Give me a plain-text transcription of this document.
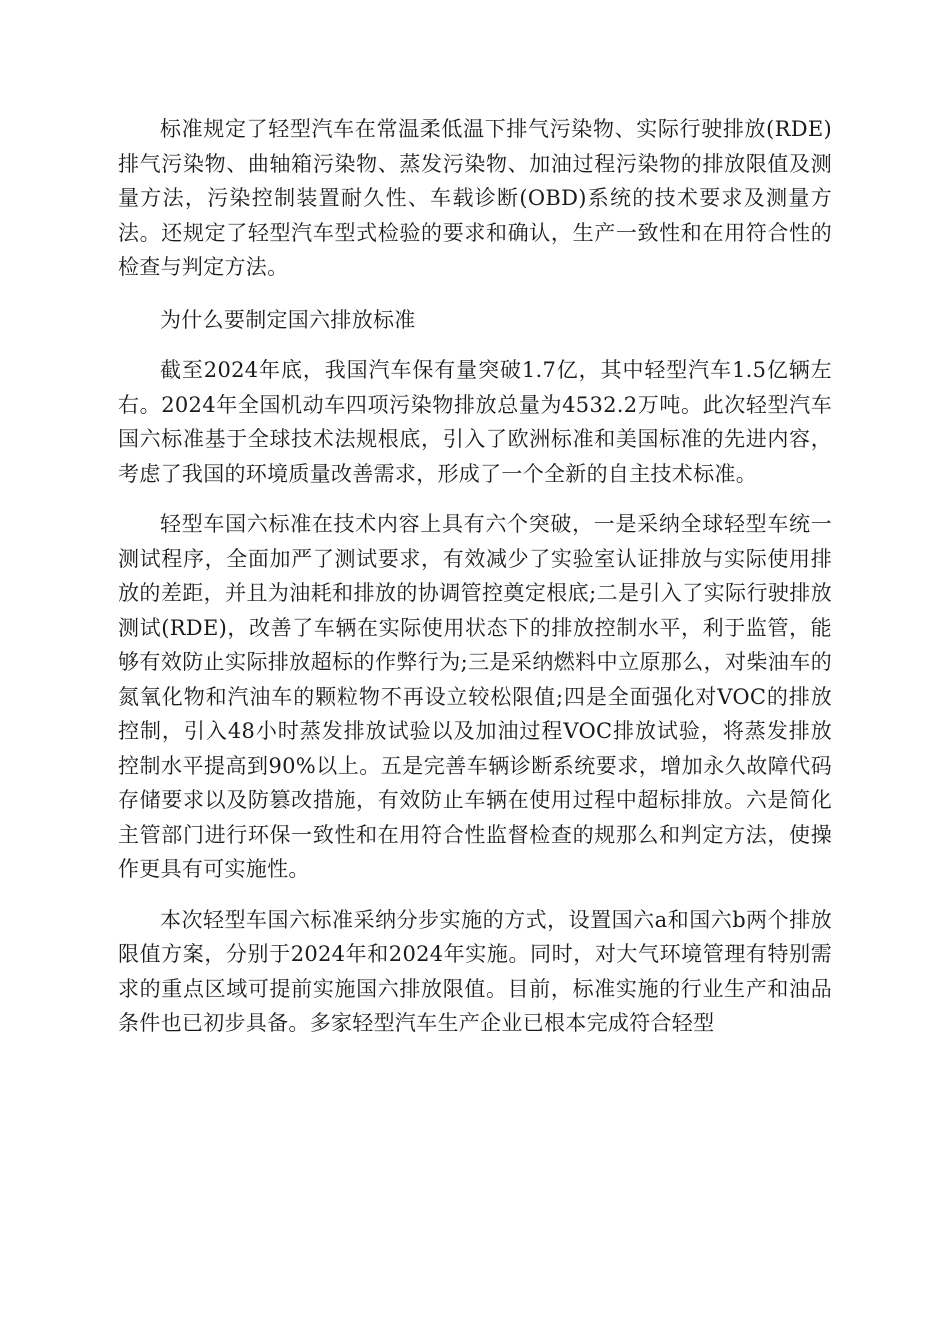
标准规定了轻型汽车在常温柔低温下排气污染物、实际行驶排放(RDE)排气污染物、曲轴箱污染物、蒸发污染物、加油过程污染物的排放限值及测量方法，污染控制装置耐久性、车载诊断(OBD)系统的技术要求及测量方法。还规定了轻型汽车型式检验的要求和确认，生产一致性和在用符合性的检查与判定方法。

为什么要制定国六排放标准

截至2024年底，我国汽车保有量突破1.7亿，其中轻型汽车1.5亿辆左右。2024年全国机动车四项污染物排放总量为4532.2万吨。此次轻型汽车国六标准基于全球技术法规根底，引入了欧洲标准和美国标准的先进内容，考虑了我国的环境质量改善需求，形成了一个全新的自主技术标准。

轻型车国六标准在技术内容上具有六个突破，一是采纳全球轻型车统一测试程序，全面加严了测试要求，有效减少了实验室认证排放与实际使用排放的差距，并且为油耗和排放的协调管控奠定根底;二是引入了实际行驶排放测试(RDE)，改善了车辆在实际使用状态下的排放控制水平，利于监管，能够有效防止实际排放超标的作弊行为;三是采纳燃料中立原那么，对柴油车的氮氧化物和汽油车的颗粒物不再设立较松限值;四是全面强化对VOC的排放控制，引入48小时蒸发排放试验以及加油过程VOC排放试验，将蒸发排放控制水平提高到90%以上。五是完善车辆诊断系统要求，增加永久故障代码存储要求以及防篡改措施，有效防止车辆在使用过程中超标排放。六是简化主管部门进行环保一致性和在用符合性监督检查的规那么和判定方法，使操作更具有可实施性。

本次轻型车国六标准采纳分步实施的方式，设置国六a和国六b两个排放限值方案，分别于2024年和2024年实施。同时，对大气环境管理有特别需求的重点区域可提前实施国六排放限值。目前，标准实施的行业生产和油品条件也已初步具备。多家轻型汽车生产企业已根本完成符合轻型
